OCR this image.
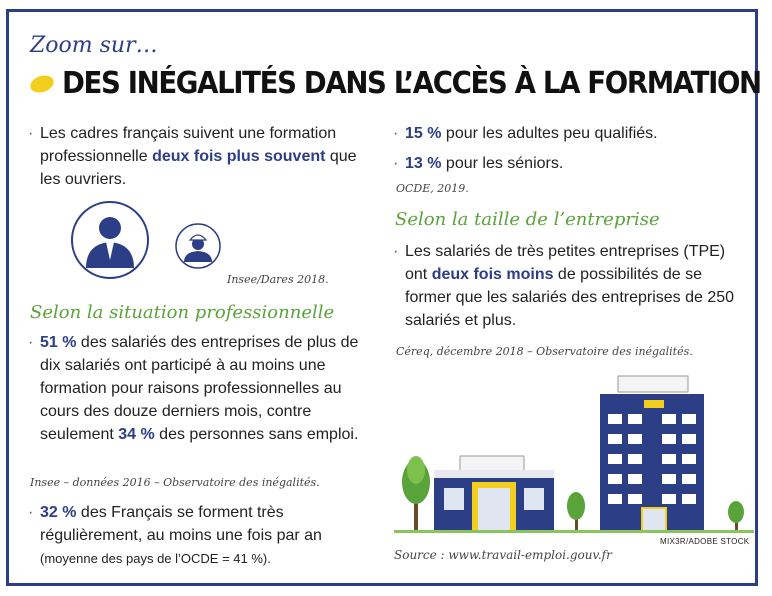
Zoom sur…
DES INÉGALITÉS DANS L’ACCÈS À LA FORMATION
· Les cadres français suivent une formation professionnelle deux fois plus souvent que les ouvriers.
Insee/Dares 2018.
Selon la situation professionnelle
· 51 % des salariés des entreprises de plus de dix salariés ont participé à au moins une formation pour raisons professionnelles au cours des douze derniers mois, contre seulement 34 % des personnes sans emploi.
Insee – données 2016 – Observatoire des inégalités.
· 32 % des Français se forment très régulièrement, au moins une fois par an (moyenne des pays de l’OCDE = 41 %).
· 15 % pour les adultes peu qualifiés.
· 13 % pour les séniors.
OCDE, 2019.
Selon la taille de l’entreprise
· Les salariés de très petites entreprises (TPE) ont deux fois moins de possibilités de se former que les salariés des entreprises de 250 salariés et plus.
Céreq, décembre 2018 – Observatoire des inégalités.
MIX3R/ADOBE STOCK
Source : www.travail-emploi.gouv.fr
